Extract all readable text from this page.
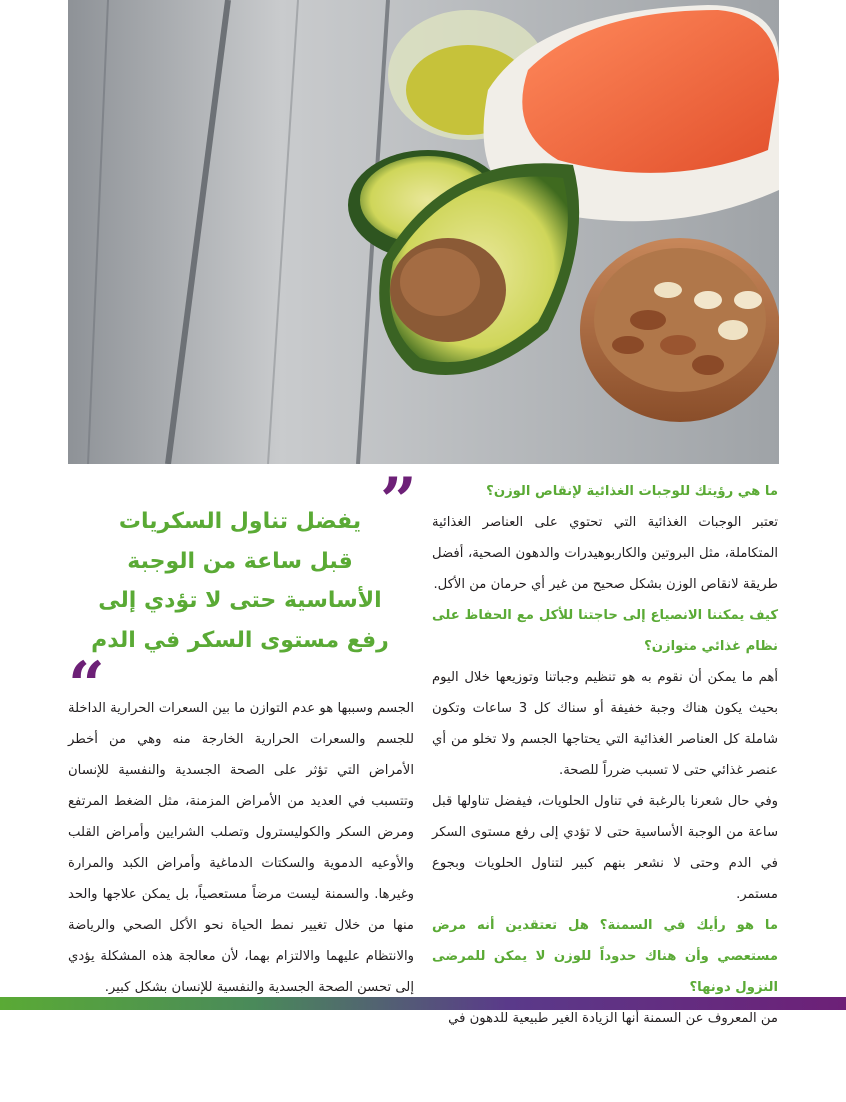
ما هي رؤيتك للوجبات الغذائية لإنقاص الوزن؟

تعتبر الوجبات الغذائية التي تحتوي على العناصر الغذائية المتكاملة، مثل البروتين والكاربوهيدرات والدهون الصحية، أفضل طريقة لانقاص الوزن بشكل صحيح من غير أي حرمان من الأكل.

كيف يمكننا الانصياع إلى حاجتنا للأكل مع الحفاظ على نظام غذائي متوازن؟

أهم ما يمكن أن نقوم به هو تنظيم وجباتنا وتوزيعها خلال اليوم بحيث يكون هناك وجبة خفيفة أو سناك كل 3 ساعات وتكون شاملة كل العناصر الغذائية التي يحتاجها الجسم ولا تخلو من أي عنصر غذائي حتى لا تسبب ضرراً للصحة.

وفي حال شعرنا بالرغبة في تناول الحلويات، فيفضل تناولها قبل ساعة من الوجبة الأساسية حتى لا تؤدي إلى رفع مستوى السكر في الدم وحتى لا نشعر بنهم كبير لتناول الحلويات وبجوع مستمر.

ما هو رأيك في السمنة؟ هل تعتقدين أنه مرض مستعصي وأن هناك حدوداً للوزن لا يمكن للمرضى النزول دونها؟

من المعروف عن السمنة أنها الزيادة الغير طبيعية للدهون في

”
يفضل تناول السكريات
قبل ساعة من الوجبة
الأساسية حتى لا تؤدي إلى
رفع مستوى السكر في الدم
“

الجسم وسببها هو عدم التوازن ما بين السعرات الحرارية الداخلة للجسم والسعرات الحرارية الخارجة منه وهي من أخطر الأمراض التي تؤثر على الصحة الجسدية والنفسية للإنسان وتتسبب في العديد من الأمراض المزمنة، مثل الضغط المرتفع ومرض السكر والكوليسترول وتصلب الشرايين وأمراض القلب والأوعيه الدموية والسكتات الدماغية وأمراض الكبد والمرارة وغيرها. والسمنة ليست مرضاً مستعصياً، بل يمكن علاجها والحد منها من خلال تغيير نمط الحياة نحو الأكل الصحي والرياضة والانتظام عليهما والالتزام بهما، لأن معالجة هذه المشكلة يؤدي إلى تحسن الصحة الجسدية والنفسية للإنسان بشكل كبير.
